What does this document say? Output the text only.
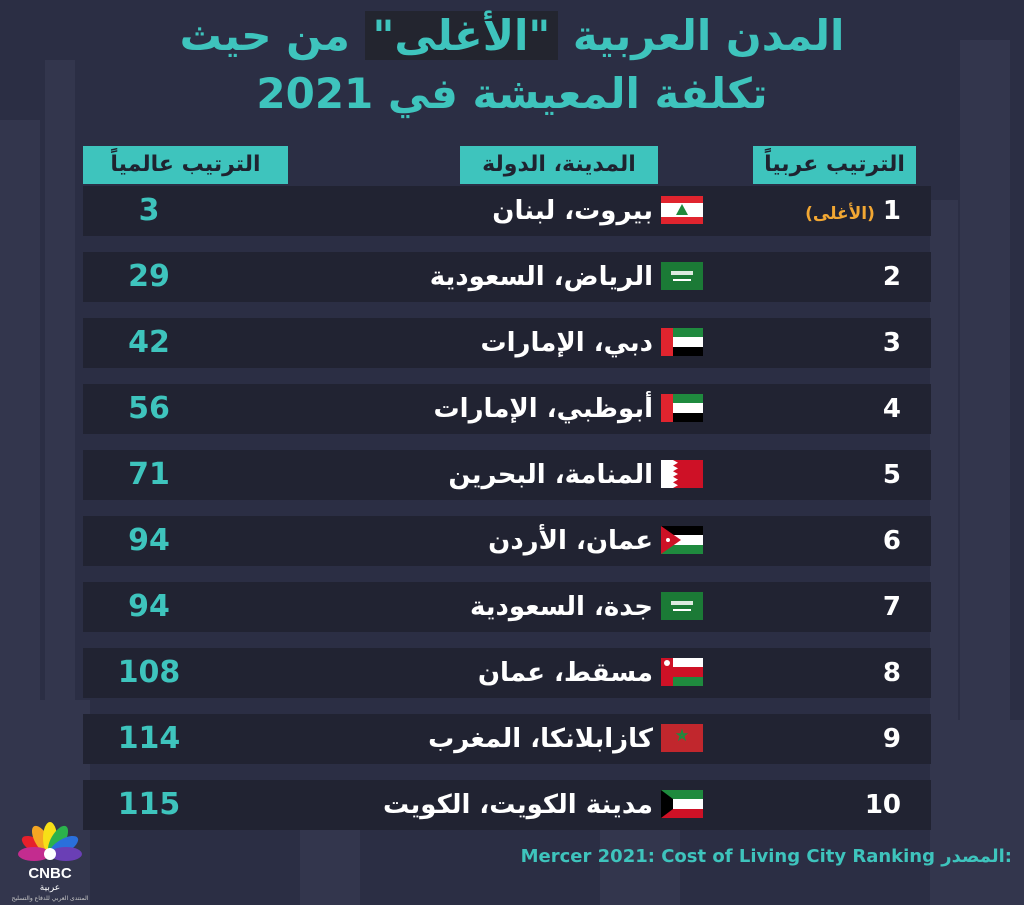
المدن العربية "الأغلى" من حيث
تكلفة المعيشة في 2021
الترتيب عربياً
المدينة، الدولة
الترتيب عالمياً
1(الأغلى)
بيروت، لبنان
3
2
الرياض، السعودية
29
3
دبي، الإمارات
42
4
أبوظبي، الإمارات
56
5
المنامة، البحرين
71
6
عمان، الأردن
94
7
جدة، السعودية
94
8
مسقط، عمان
108
9
كازابلانكا، المغرب
114
10
مدينة الكويت، الكويت
115
Mercer 2021: Cost of Living City Ranking المصدر:
CNBC
عربية
المنتدى العربي للدفاع والتسليح
